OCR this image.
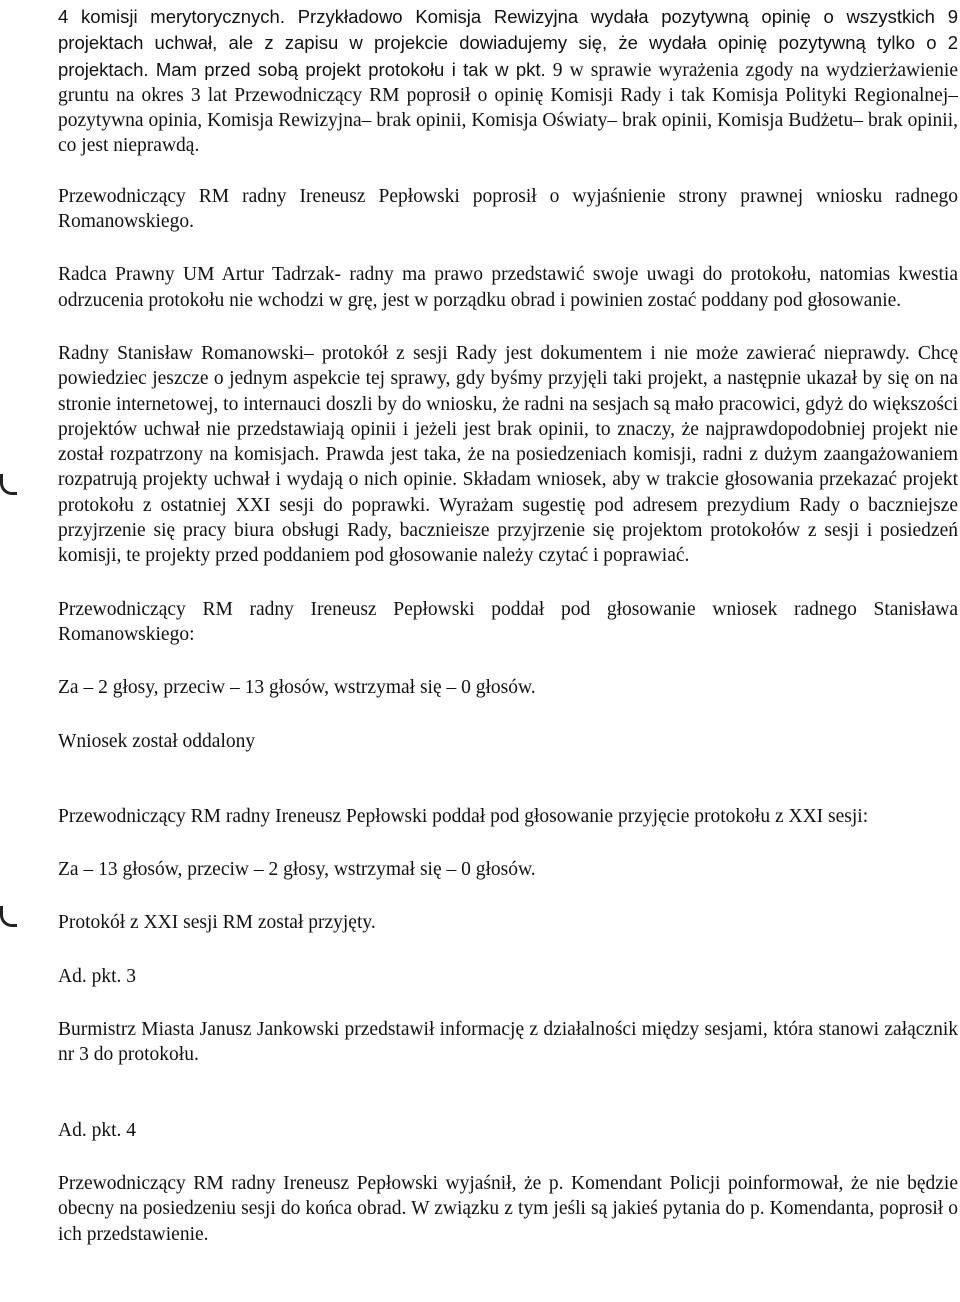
4 komisji merytorycznych. Przykładowo Komisja Rewizyjna wydała pozytywną opinię o wszystkich 9 projektach uchwał, ale z zapisu w projekcie dowiadujemy się, że wydała opinię pozytywną tylko o 2 projektach. Mam przed sobą projekt protokołu i tak w pkt. 9 w sprawie wyrażenia zgody na wydzierżawienie gruntu na okres 3 lat Przewodniczący RM poprosił o opinię Komisji Rady i tak Komisja Polityki Regionalnej– pozytywna opinia, Komisja Rewizyjna– brak opinii, Komisja Oświaty– brak opinii, Komisja Budżetu– brak opinii, co jest nieprawdą.

Przewodniczący RM radny Ireneusz Pepłowski poprosił o wyjaśnienie strony prawnej wniosku radnego Romanowskiego.

Radca Prawny UM Artur Tadrzak- radny ma prawo przedstawić swoje uwagi do protokołu, natomias kwestia odrzucenia protokołu nie wchodzi w grę, jest w porządku obrad i powinien zostać poddany pod głosowanie.

Radny Stanisław Romanowski– protokół z sesji Rady jest dokumentem i nie może zawierać nieprawdy. Chcę powiedziec jeszcze o jednym aspekcie tej sprawy, gdy byśmy przyjęli taki projekt, a następnie ukazał by się on na stronie internetowej, to internauci doszli by do wniosku, że radni na sesjach są mało pracowici, gdyż do większości projektów uchwał nie przedstawiają opinii i jeżeli jest brak opinii, to znaczy, że najprawdopodobniej projekt nie został rozpatrzony na komisjach. Prawda jest taka, że na posiedzeniach komisji, radni z dużym zaangażowaniem rozpatrują projekty uchwał i wydają o nich opinie. Składam wniosek, aby w trakcie głosowania przekazać projekt protokołu z ostatniej XXI sesji do poprawki. Wyrażam sugestię pod adresem prezydium Rady o baczniejsze przyjrzenie się pracy biura obsługi Rady, bacznieisze przyjrzenie się projektom protokołów z sesji i posiedzeń komisji, te projekty przed poddaniem pod głosowanie należy czytać i poprawiać.

Przewodniczący RM radny Ireneusz Pepłowski poddał pod głosowanie wniosek radnego Stanisława Romanowskiego:

Za – 2 głosy, przeciw – 13 głosów, wstrzymał się – 0 głosów.

Wniosek został oddalony

Przewodniczący RM radny Ireneusz Pepłowski poddał pod głosowanie przyjęcie protokołu z XXI sesji:

Za – 13 głosów, przeciw – 2 głosy, wstrzymał się – 0 głosów.

Protokół z XXI sesji RM został przyjęty.

Ad. pkt. 3

Burmistrz Miasta Janusz Jankowski przedstawił informację z działalności między sesjami, która stanowi załącznik nr 3 do protokołu.

Ad. pkt. 4

Przewodniczący RM radny Ireneusz Pepłowski wyjaśnił, że p. Komendant Policji poinformował, że nie będzie obecny na posiedzeniu sesji do końca obrad. W związku z tym jeśli są jakieś pytania do p. Komendanta, poprosił o ich przedstawienie.
